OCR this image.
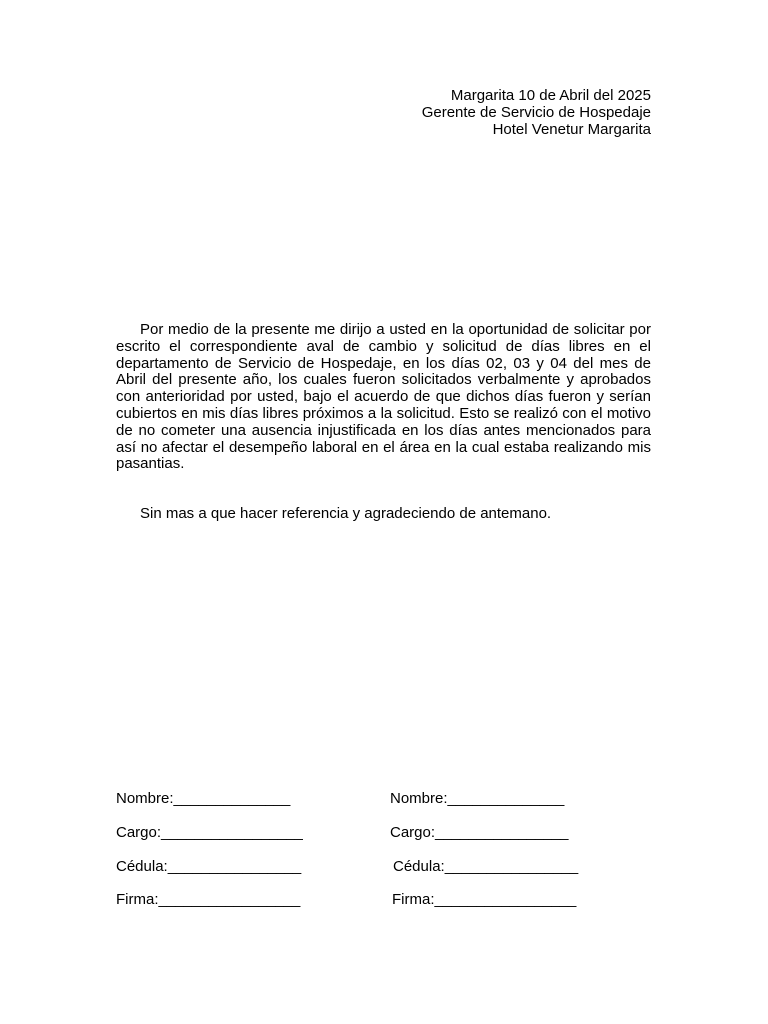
Margarita 10 de Abril del 2025
Gerente de Servicio de Hospedaje
Hotel Venetur Margarita
Por medio de la presente me dirijo a usted en la oportunidad de solicitar por escrito el correspondiente aval de cambio y solicitud de días libres en el departamento de Servicio de Hospedaje, en los días 02, 03 y 04 del mes de Abril del presente año, los cuales fueron solicitados verbalmente y aprobados con anterioridad por usted, bajo el acuerdo de que dichos días fueron y serían cubiertos en mis días libres próximos a la solicitud. Esto se realizó con el motivo de no cometer una ausencia injustificada en los días antes mencionados para así no afectar el desempeño laboral en el área en la cual estaba realizando mis pasantias.
Sin mas a que hacer referencia y agradeciendo de antemano.
Nombre:______________
Cargo:_________________
Cédula:________________
Firma:_________________
Nombre:______________
Cargo:________________
Cédula:________________
Firma:_________________
